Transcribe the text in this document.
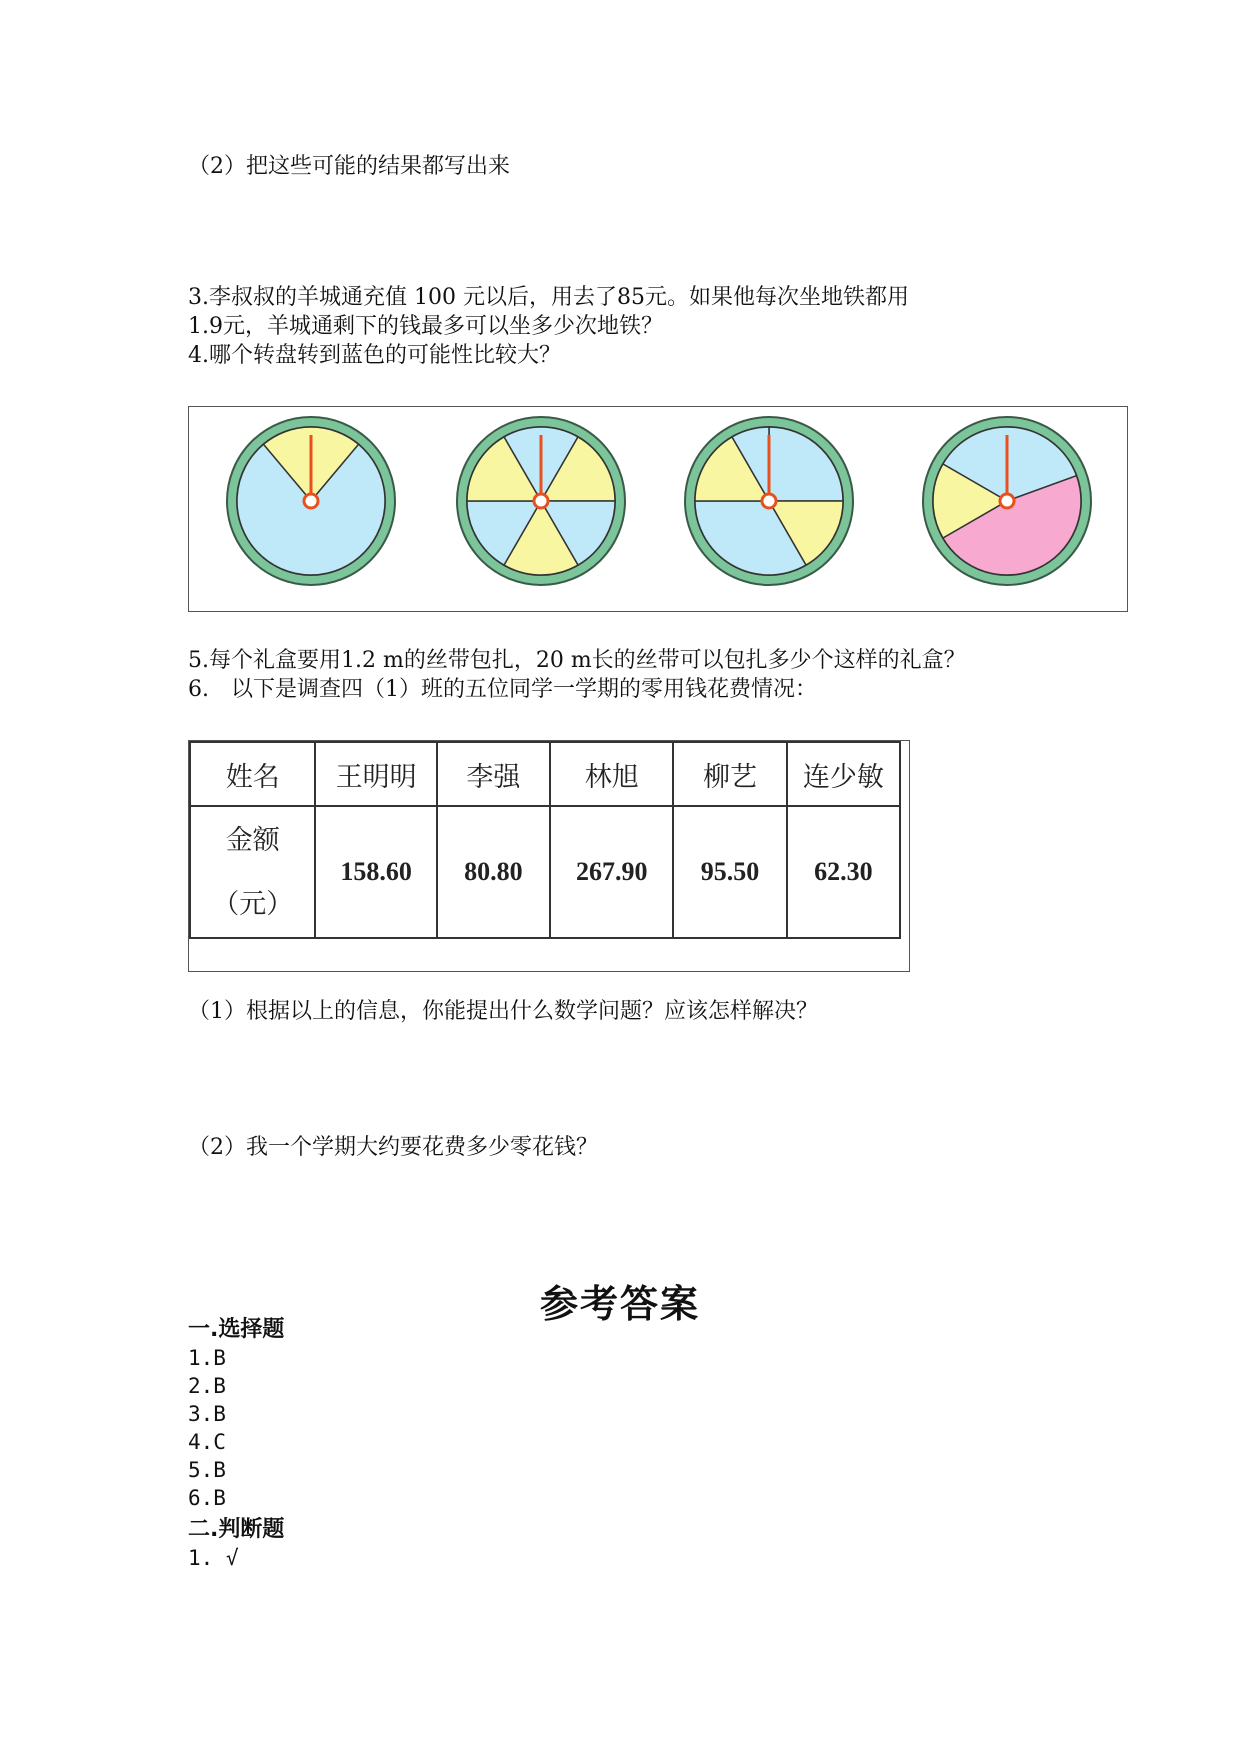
（2）把这些可能的结果都写出来
3.李叔叔的羊城通充值 100 元以后，用去了85元。如果他每次坐地铁都用
1.9元，羊城通剩下的钱最多可以坐多少次地铁？
4.哪个转盘转到蓝色的可能性比较大？
5.每个礼盒要用1.2 m的丝带包扎，20 m长的丝带可以包扎多少个这样的礼盒？
6.　以下是调查四（1）班的五位同学一学期的零用钱花费情况：
姓名	王明明	李强	林旭	柳艺	连少敏

金额
（元）	158.60	80.80	267.90	95.50	62.30
（1）根据以上的信息，你能提出什么数学问题？应该怎样解决？
（2）我一个学期大约要花费多少零花钱？
参考答案
一.选择题
1.B
2.B
3.B
4.C
5.B
6.B
二.判断题
1. √
